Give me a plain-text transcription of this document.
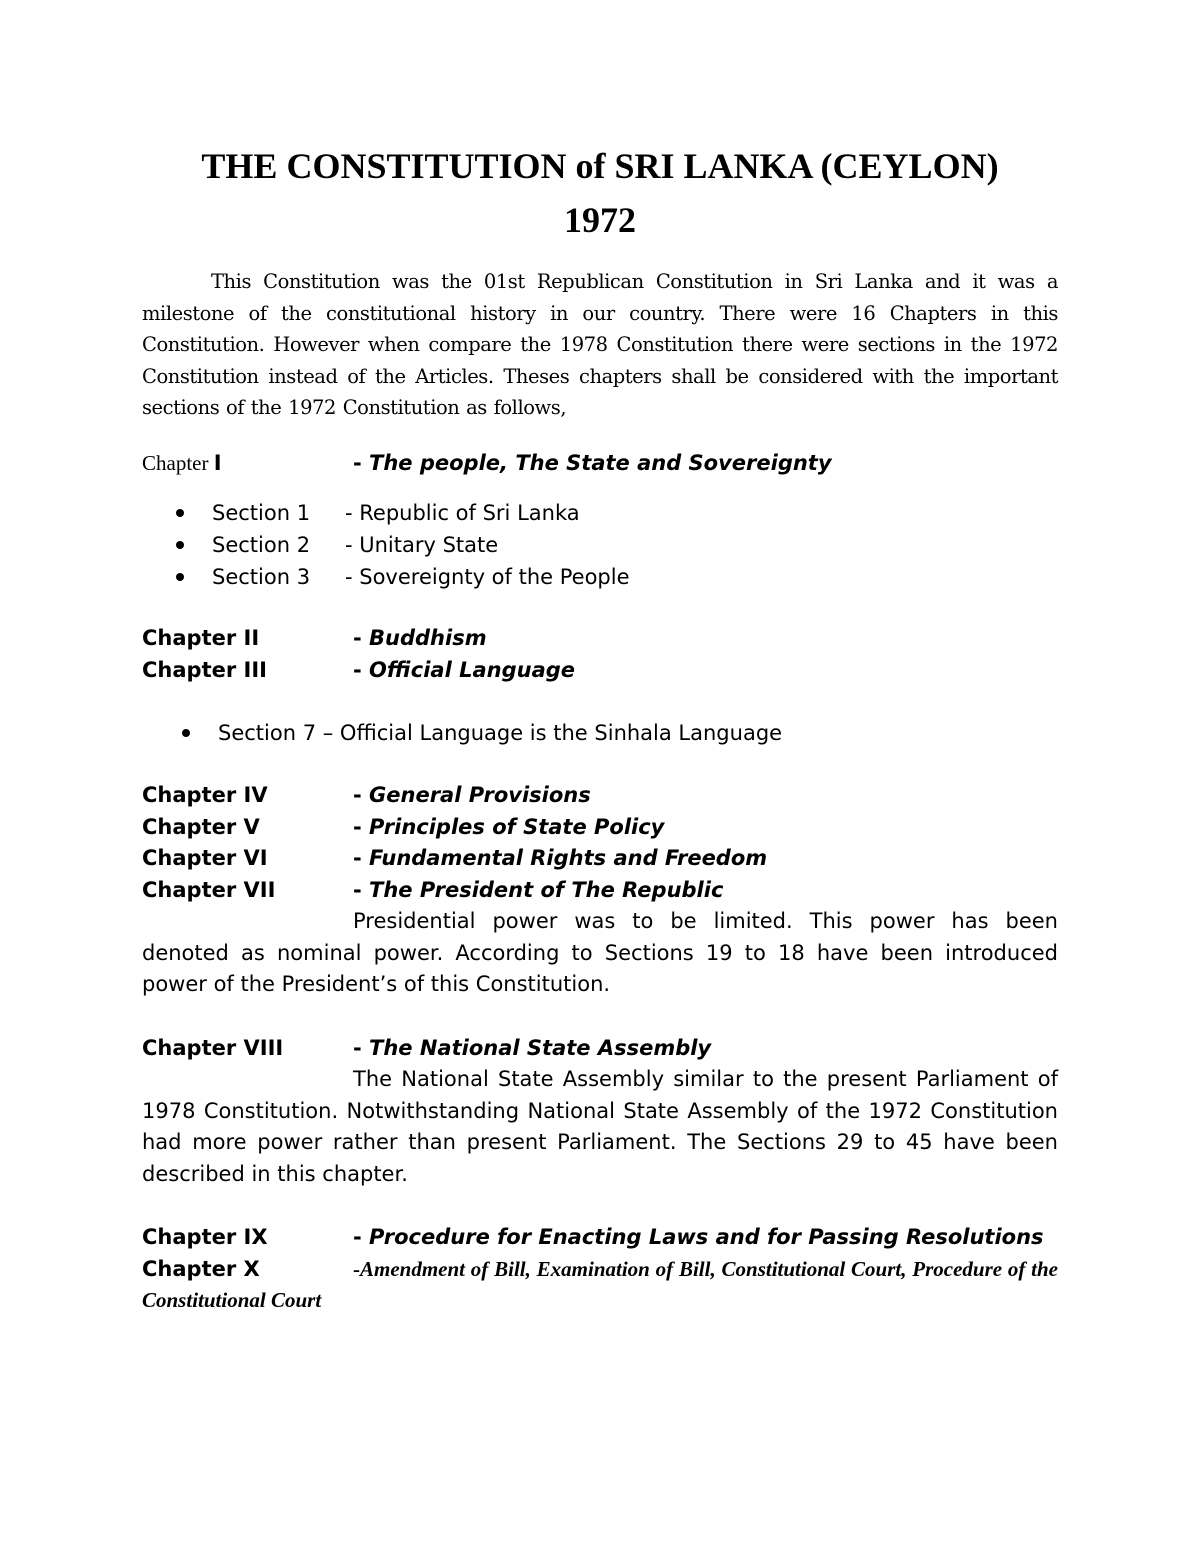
THE CONSTITUTION of SRI LANKA (CEYLON)
1972

This Constitution was the 01st Republican Constitution in Sri Lanka and it was a milestone of the constitutional history in our country. There were 16 Chapters in this Constitution. However when compare the 1978 Constitution there were sections in the 1972 Constitution instead of the Articles. Theses chapters shall be considered with the important sections of the 1972 Constitution as follows,

Chapter I	- The people, The State and Sovereignty
Section 1	- Republic of Sri Lanka
Section 2	- Unitary State
Section 3	- Sovereignty of the People
Chapter II	- Buddhism
Chapter III	- Official Language
Section 7 – Official Language is the Sinhala Language
Chapter IV	- General Provisions
Chapter V	- Principles of State Policy
Chapter VI	- Fundamental Rights and Freedom
Chapter VII	- The President of The Republic

Presidential power was to be limited. This power has been denoted as nominal power. According to Sections 19 to 18 have been introduced power of the President’s of this Constitution.

Chapter VIII	- The National State Assembly

The National State Assembly similar to the present Parliament of 1978 Constitution. Notwithstanding National State Assembly of the 1972 Constitution had more power rather than present Parliament. The Sections 29 to 45 have been described in this chapter.

Chapter IX	- Procedure for Enacting Laws and for Passing Resolutions

Chapter X	-Amendment of Bill, Examination of Bill, Constitutional Court, Procedure of the Constitutional Court
